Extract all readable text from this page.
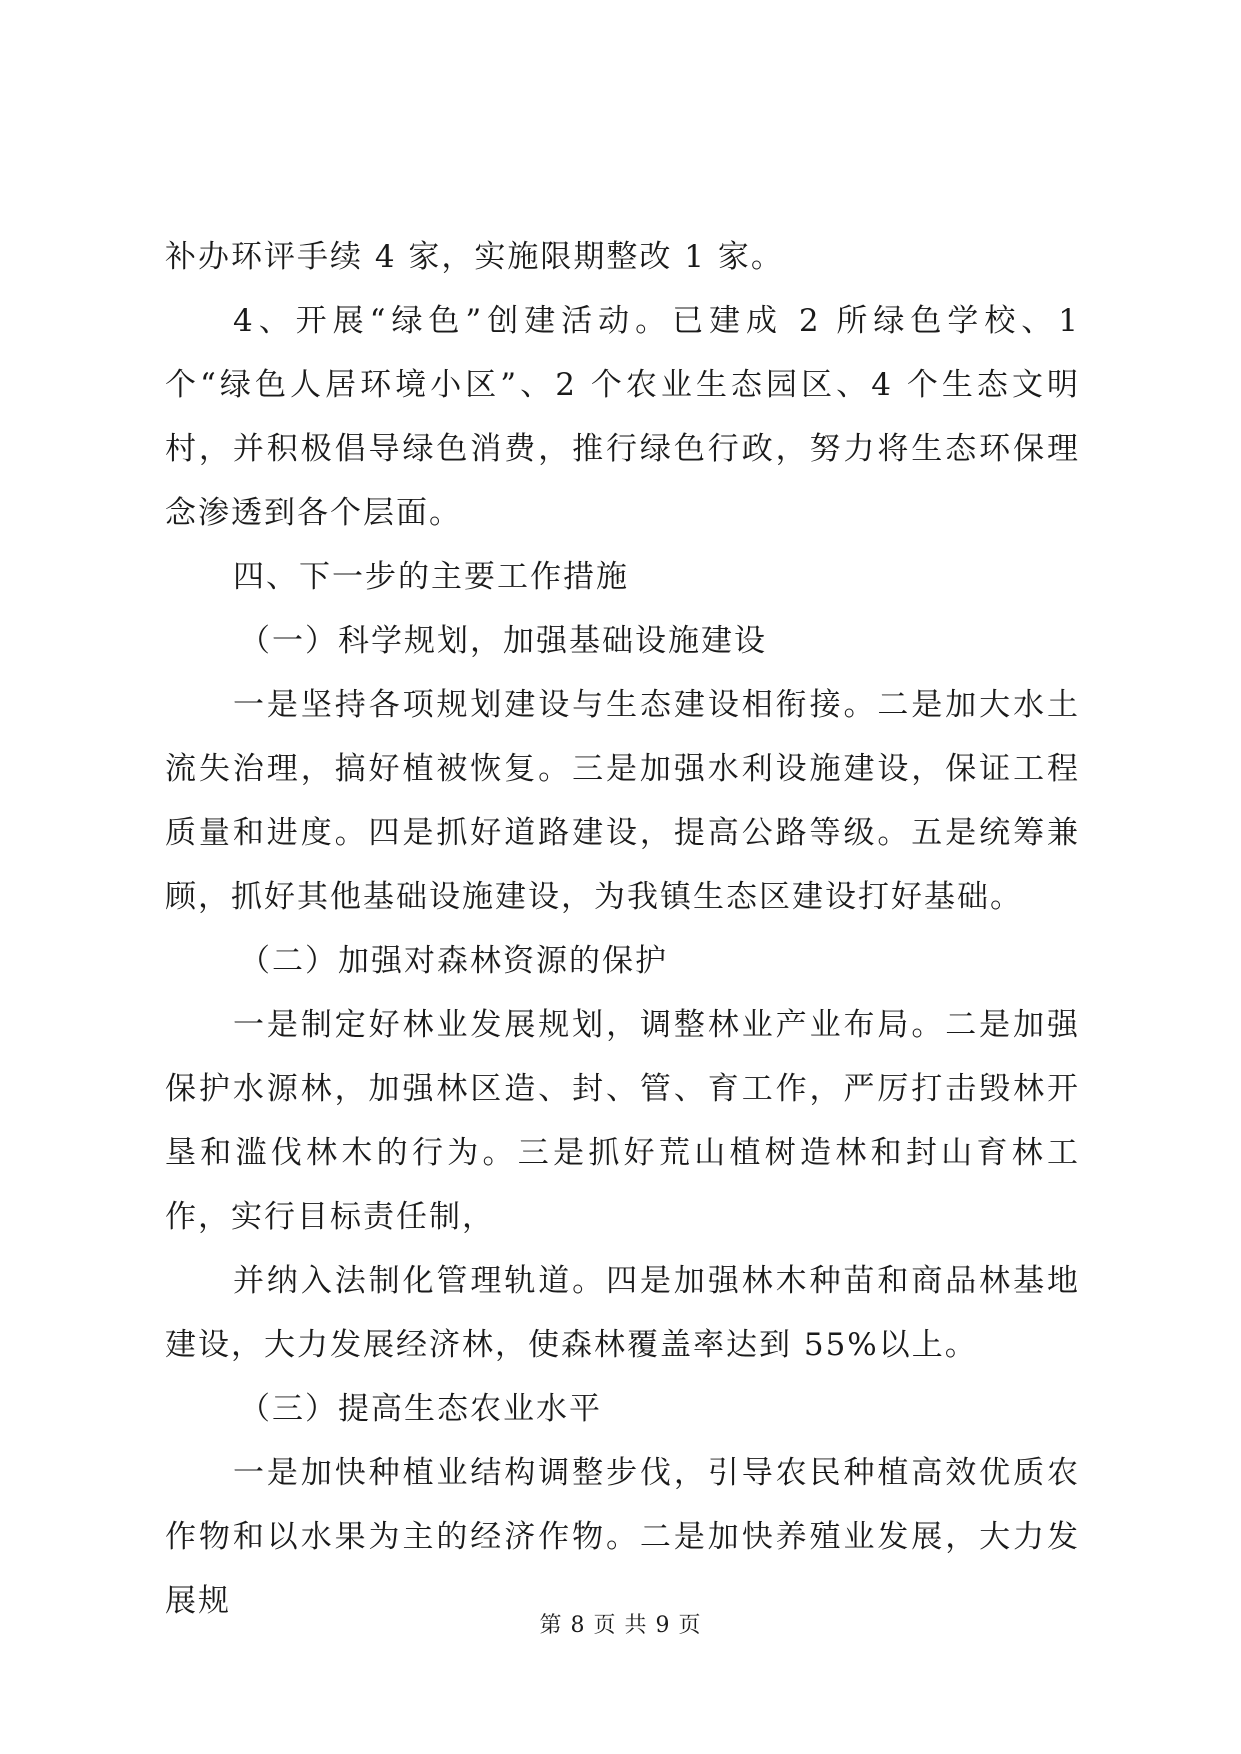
补办环评手续 4 家，实施限期整改 1 家。

4、开展“绿色”创建活动。已建成 2 所绿色学校、1 个“绿色人居环境小区”、2 个农业生态园区、4 个生态文明村，并积极倡导绿色消费，推行绿色行政，努力将生态环保理念渗透到各个层面。

四、下一步的主要工作措施

（一）科学规划，加强基础设施建设

一是坚持各项规划建设与生态建设相衔接。二是加大水土流失治理，搞好植被恢复。三是加强水利设施建设，保证工程质量和进度。四是抓好道路建设，提高公路等级。五是统筹兼顾，抓好其他基础设施建设，为我镇生态区建设打好基础。

（二）加强对森林资源的保护

一是制定好林业发展规划，调整林业产业布局。二是加强保护水源林，加强林区造、封、管、育工作，严厉打击毁林开垦和滥伐林木的行为。三是抓好荒山植树造林和封山育林工作，实行目标责任制，

并纳入法制化管理轨道。四是加强林木种苗和商品林基地建设，大力发展经济林，使森林覆盖率达到 55%以上。

（三）提高生态农业水平

一是加快种植业结构调整步伐，引导农民种植高效优质农作物和以水果为主的经济作物。二是加快养殖业发展，大力发展规

第 8 页 共 9 页
